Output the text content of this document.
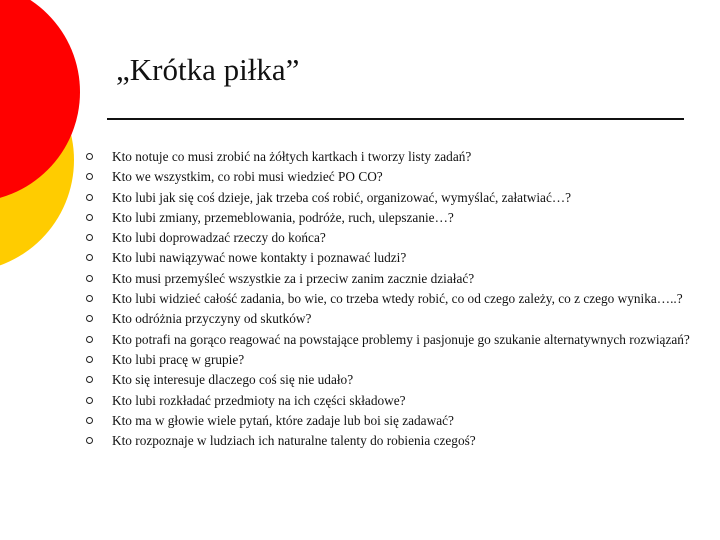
„Krótka piłka”
Kto notuje co musi zrobić na żółtych kartkach i tworzy listy zadań?
Kto we wszystkim, co robi musi wiedzieć PO CO?
Kto lubi jak się coś dzieje, jak trzeba coś robić, organizować, wymyślać, załatwiać…?
Kto lubi zmiany, przemeblowania, podróże, ruch, ulepszanie…?
Kto lubi doprowadzać rzeczy do końca?
Kto lubi nawiązywać nowe kontakty i poznawać ludzi?
Kto musi przemyśleć wszystkie za i przeciw zanim zacznie działać?
Kto lubi widzieć całość zadania, bo wie, co trzeba wtedy robić, co od czego zależy, co z czego wynika…..?
Kto odróżnia przyczyny od skutków?
Kto potrafi na gorąco reagować na powstające problemy i pasjonuje go szukanie alternatywnych rozwiązań?
Kto lubi pracę w grupie?
Kto się interesuje dlaczego coś się nie udało?
Kto lubi rozkładać przedmioty na ich części składowe?
Kto ma w głowie wiele pytań, które zadaje lub boi się zadawać?
Kto rozpoznaje w ludziach ich naturalne talenty do robienia czegoś?
